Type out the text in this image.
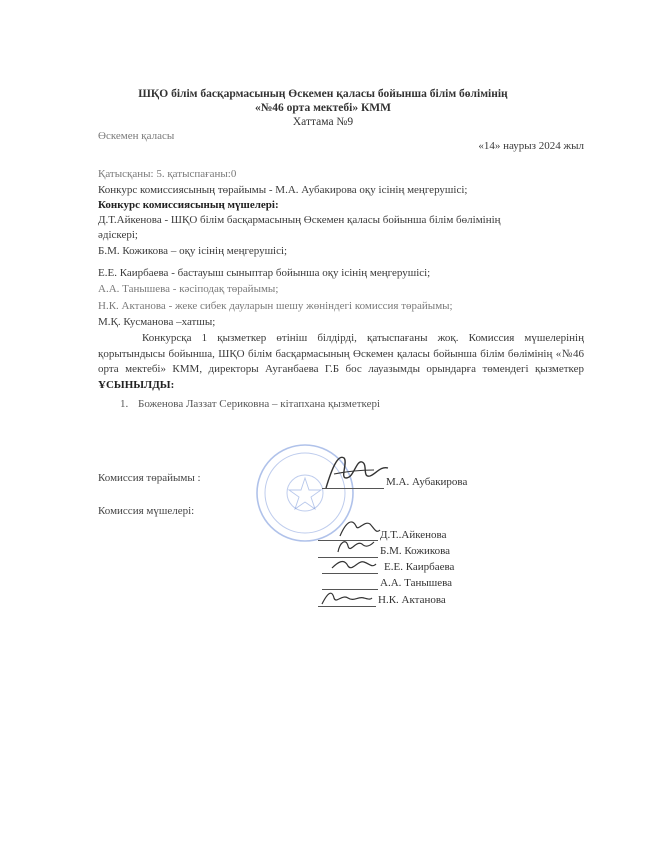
ШҚО білім басқармасының Өскемен қаласы бойынша білім бөлімінің
«№46 орта мектебі» КММ
Хаттама №9
Өскемен қаласы
«14» наурыз 2024 жыл
Қатысқаны: 5. қатыспағаны:0
Конкурс комиссиясының төрайымы - М.А. Аубакирова оқу ісінің меңгерушісі;
Конкурс комиссиясының мүшелері:
Д.Т.Айкенова - ШҚО білім басқармасының Өскемен қаласы бойынша білім бөлімінің
әдіскері;
Б.М. Кожикова – оқу ісінің меңгерушісі;
Е.Е. Каирбаева - бастауыш сыныптар бойынша оқу ісінің меңгерушісі;
А.А. Танышева - кәсіподақ төрайымы;
Н.К. Актанова - жеке сибек дауларын шешу жөніндегі комиссия төрайымы;
М.Қ. Кусманова –хатшы;
Конкурсқа 1 қызметкер өтініш білдірді, қатыспағаны жоқ. Комиссия мүшелерінің қорытындысы бойынша, ШҚО білім басқармасының Өскемен қаласы бойынша білім бөлімінің «№46 орта мектебі» КММ, директоры Ауганбаева Г.Б бос лауазымды орындарға төмендегі қызметкер ҰСЫНЫЛДЫ:
1. Боженова Лаззат Сериковна – кітапхана қызметкері
Комиссия төрайымы :	М.А. Аубакирова
Комиссия мүшелері:
Д.Т..Айкенова
Б.М. Кожикова
Е.Е. Каирбаева
А.А. Танышева
Н.К. Актанова
